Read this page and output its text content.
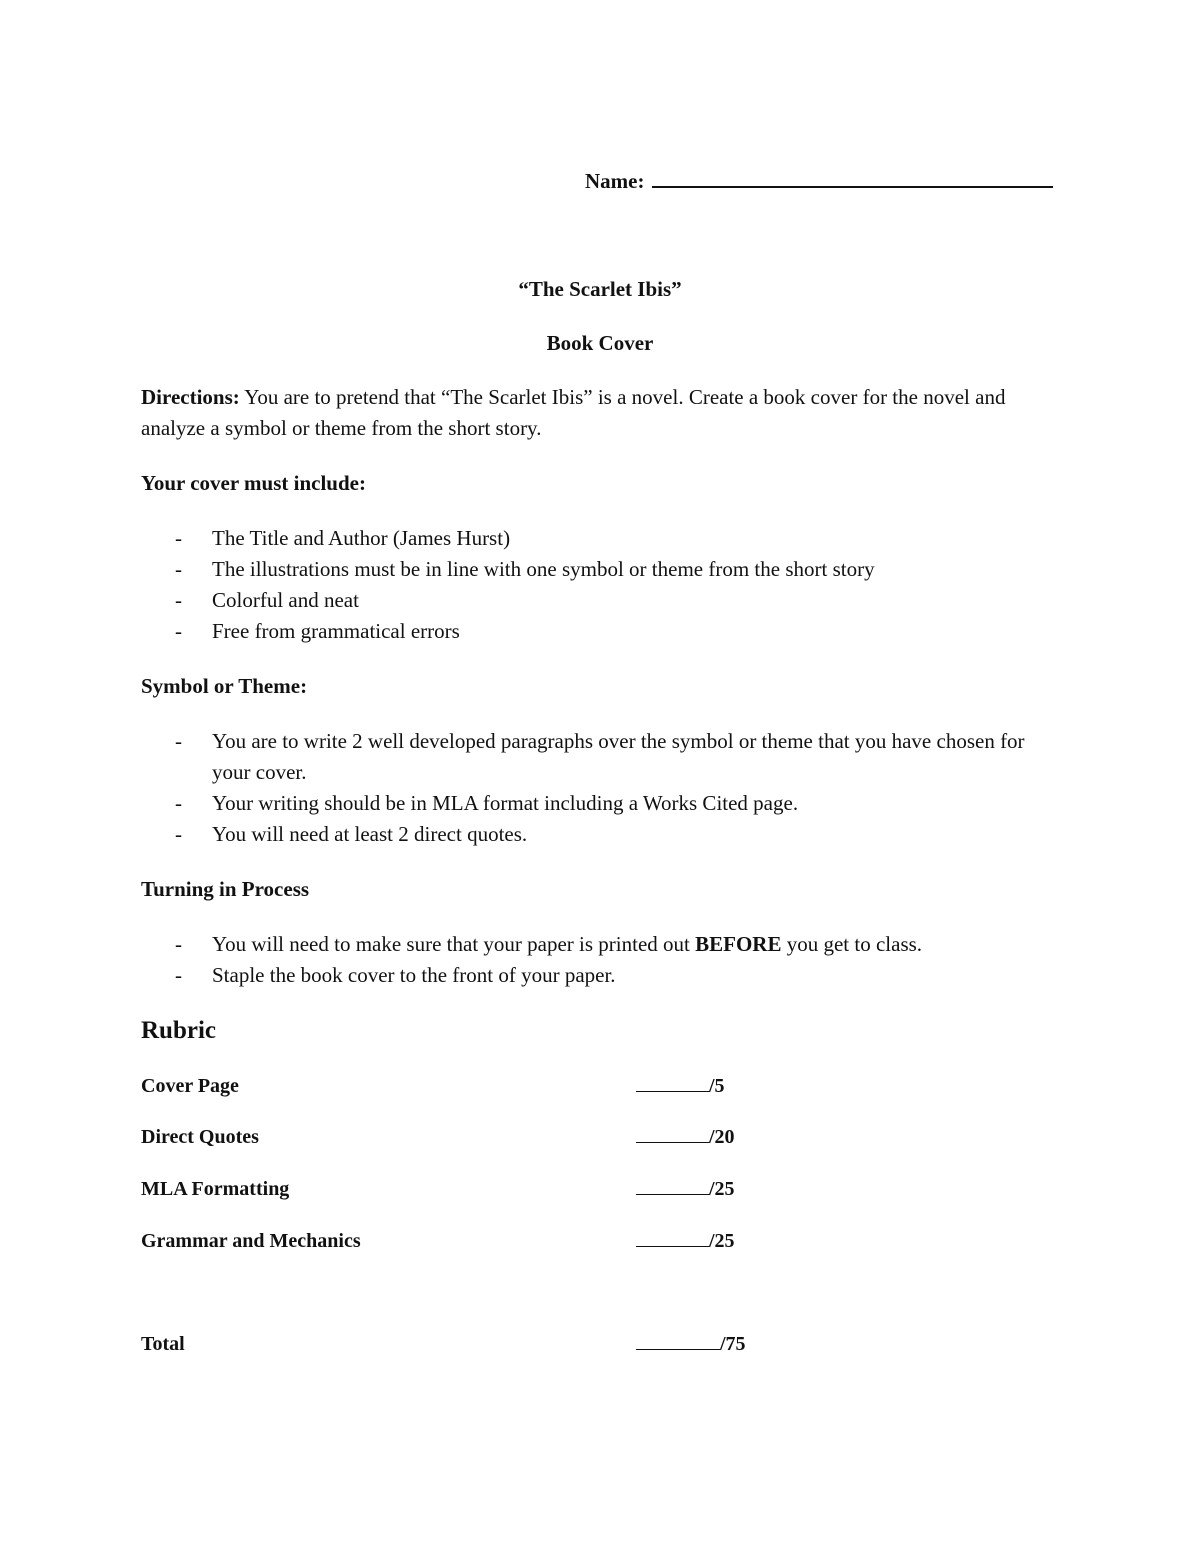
Name:
“The Scarlet Ibis”
Book Cover
Directions: You are to pretend that “The Scarlet Ibis” is a novel. Create a book cover for the novel and analyze a symbol or theme from the short story.
Your cover must include:
- The Title and Author (James Hurst)
- The illustrations must be in line with one symbol or theme from the short story
- Colorful and neat
- Free from grammatical errors
Symbol or Theme:
- You are to write 2 well developed paragraphs over the symbol or theme that you have chosen for your cover.
- Your writing should be in MLA format including a Works Cited page.
- You will need at least 2 direct quotes.
Turning in Process
- You will need to make sure that your paper is printed out BEFORE you get to class.
- Staple the book cover to the front of your paper.
Rubric
Cover Page	/5
Direct Quotes	/20
MLA Formatting	/25
Grammar and Mechanics	/25
Total	/75
